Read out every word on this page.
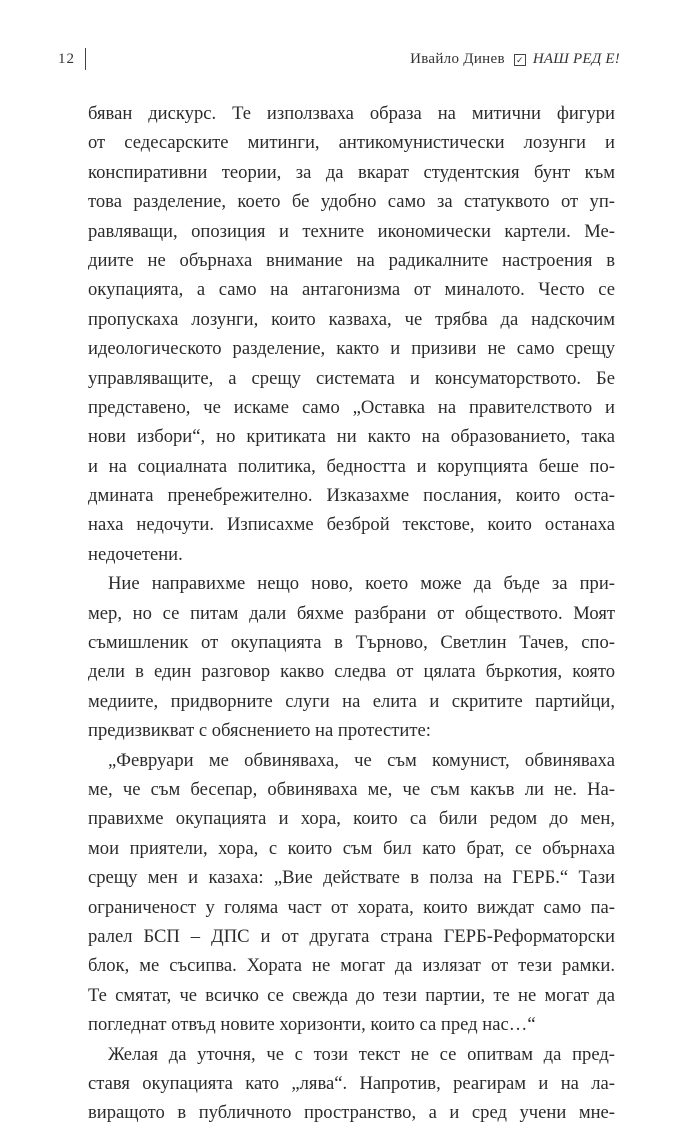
12	Ивайло Динев ✓ НАШ РЕД Е!
бяван дискурс. Те използваха образа на митични фигури
от седесарските митинги, антикомунистически лозунги и
конспиративни теории, за да вкарат студентския бунт към
това разделение, което бе удобно само за статуквото от уп-
равляващи, опозиция и техните икономически картели. Ме-
диите не обърнаха внимание на радикалните настроения в
окупацията, а само на антагонизма от миналото. Често се
пропускаха лозунги, които казваха, че трябва да надскочим
идеологическото разделение, както и призиви не само срещу
управляващите, а срещу системата и консуматорството. Бе
представено, че искаме само „Оставка на правителството и
нови избори“, но критиката ни както на образованието, така
и на социалната политика, бедността и корупцията беше по-
дмината пренебрежително. Изказахме послания, които оста-
наха недочути. Изписахме безброй текстове, които останаха
недочетени.
Ние направихме нещо ново, което може да бъде за при-
мер, но се питам дали бяхме разбрани от обществото. Моят
съмишленик от окупацията в Търново, Светлин Тачев, спо-
дели в един разговор какво следва от цялата бъркотия, която
медиите, придворните слуги на елита и скритите партийци,
предизвикват с обяснението на протестите:
„Февруари ме обвиняваха, че съм комунист, обвиняваха
ме, че съм бесепар, обвиняваха ме, че съм какъв ли не. На-
правихме окупацията и хора, които са били редом до мен,
мои приятели, хора, с които съм бил като брат, се обърнаха
срещу мен и казаха: „Вие действате в полза на ГЕРБ.“ Тази
ограниченост у голяма част от хората, които виждат само па-
ралел БСП – ДПС и от другата страна ГЕРБ-Реформаторски
блок, ме съсипва. Хората не могат да излязат от тези рамки.
Те смятат, че всичко се свежда до тези партии, те не могат да
погледнат отвъд новите хоризонти, които са пред нас…“
Желая да уточня, че с този текст не се опитвам да пред-
ставя окупацията като „лява“. Напротив, реагирам и на ла-
виращото в публичното пространство, а и сред учени мне-
